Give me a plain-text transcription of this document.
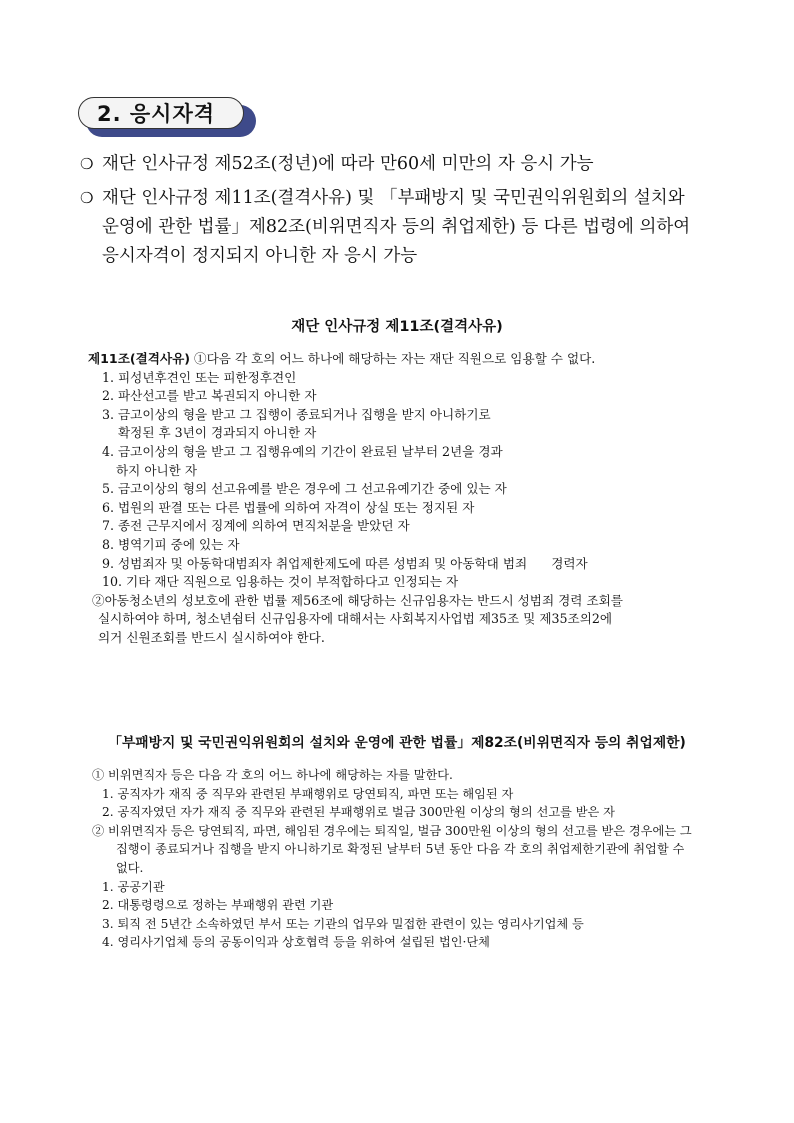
2. 응시자격
❍ 재단 인사규정 제52조(정년)에 따라 만60세 미만의 자 응시 가능
❍ 재단 인사규정 제11조(결격사유) 및 「부패방지 및 국민권익위원회의 설치와
운영에 관한 법률」제82조(비위면직자 등의 취업제한) 등 다른 법령에 의하여
응시자격이 정지되지 아니한 자 응시 가능
재단 인사규정 제11조(결격사유)
제11조(결격사유) ①다음 각 호의 어느 하나에 해당하는 자는 재단 직원으로 임용할 수 없다.
1. 피성년후견인 또는 피한정후견인
2. 파산선고를 받고 복권되지 아니한 자
3. 금고이상의 형을 받고 그 집행이 종료되거나 집행을 받지 아니하기로
확정된 후 3년이 경과되지 아니한 자
4. 금고이상의 형을 받고 그 집행유예의 기간이 완료된 날부터 2년을 경과
하지 아니한 자
5. 금고이상의 형의 선고유예를 받은 경우에 그 선고유예기간 중에 있는 자
6. 법원의 판결 또는 다른 법률에 의하여 자격이 상실 또는 정지된 자
7. 종전 근무지에서 징계에 의하여 면직처분을 받았던 자
8. 병역기피 중에 있는 자
9. 성범죄자 및 아동학대범죄자 취업제한제도에 따른 성범죄 및 아동학대 범죄      경력자
10. 기타 재단 직원으로 임용하는 것이 부적합하다고 인정되는 자
②아동청소년의 성보호에 관한 법률 제56조에 해당하는 신규임용자는 반드시 성범죄 경력 조회를
실시하여야 하며, 청소년쉼터 신규임용자에 대해서는 사회복지사업법 제35조 및 제35조의2에
의거 신원조회를 반드시 실시하여야 한다.
「부패방지 및 국민권익위원회의 설치와 운영에 관한 법률」제82조(비위면직자 등의 취업제한)
① 비위면직자 등은 다음 각 호의 어느 하나에 해당하는 자를 말한다.
1. 공직자가 재직 중 직무와 관련된 부패행위로 당연퇴직, 파면 또는 해임된 자
2. 공직자였던 자가 재직 중 직무와 관련된 부패행위로 벌금 300만원 이상의 형의 선고를 받은 자
② 비위면직자 등은 당연퇴직, 파면, 해임된 경우에는 퇴직일, 벌금 300만원 이상의 형의 선고를 받은 경우에는 그
집행이 종료되거나 집행을 받지 아니하기로 확정된 날부터 5년 동안 다음 각 호의 취업제한기관에 취업할 수
없다.
1. 공공기관
2. 대통령령으로 정하는 부패행위 관련 기관
3. 퇴직 전 5년간 소속하였던 부서 또는 기관의 업무와 밀접한 관련이 있는 영리사기업체 등
4. 영리사기업체 등의 공동이익과 상호협력 등을 위하여 설립된 법인·단체
